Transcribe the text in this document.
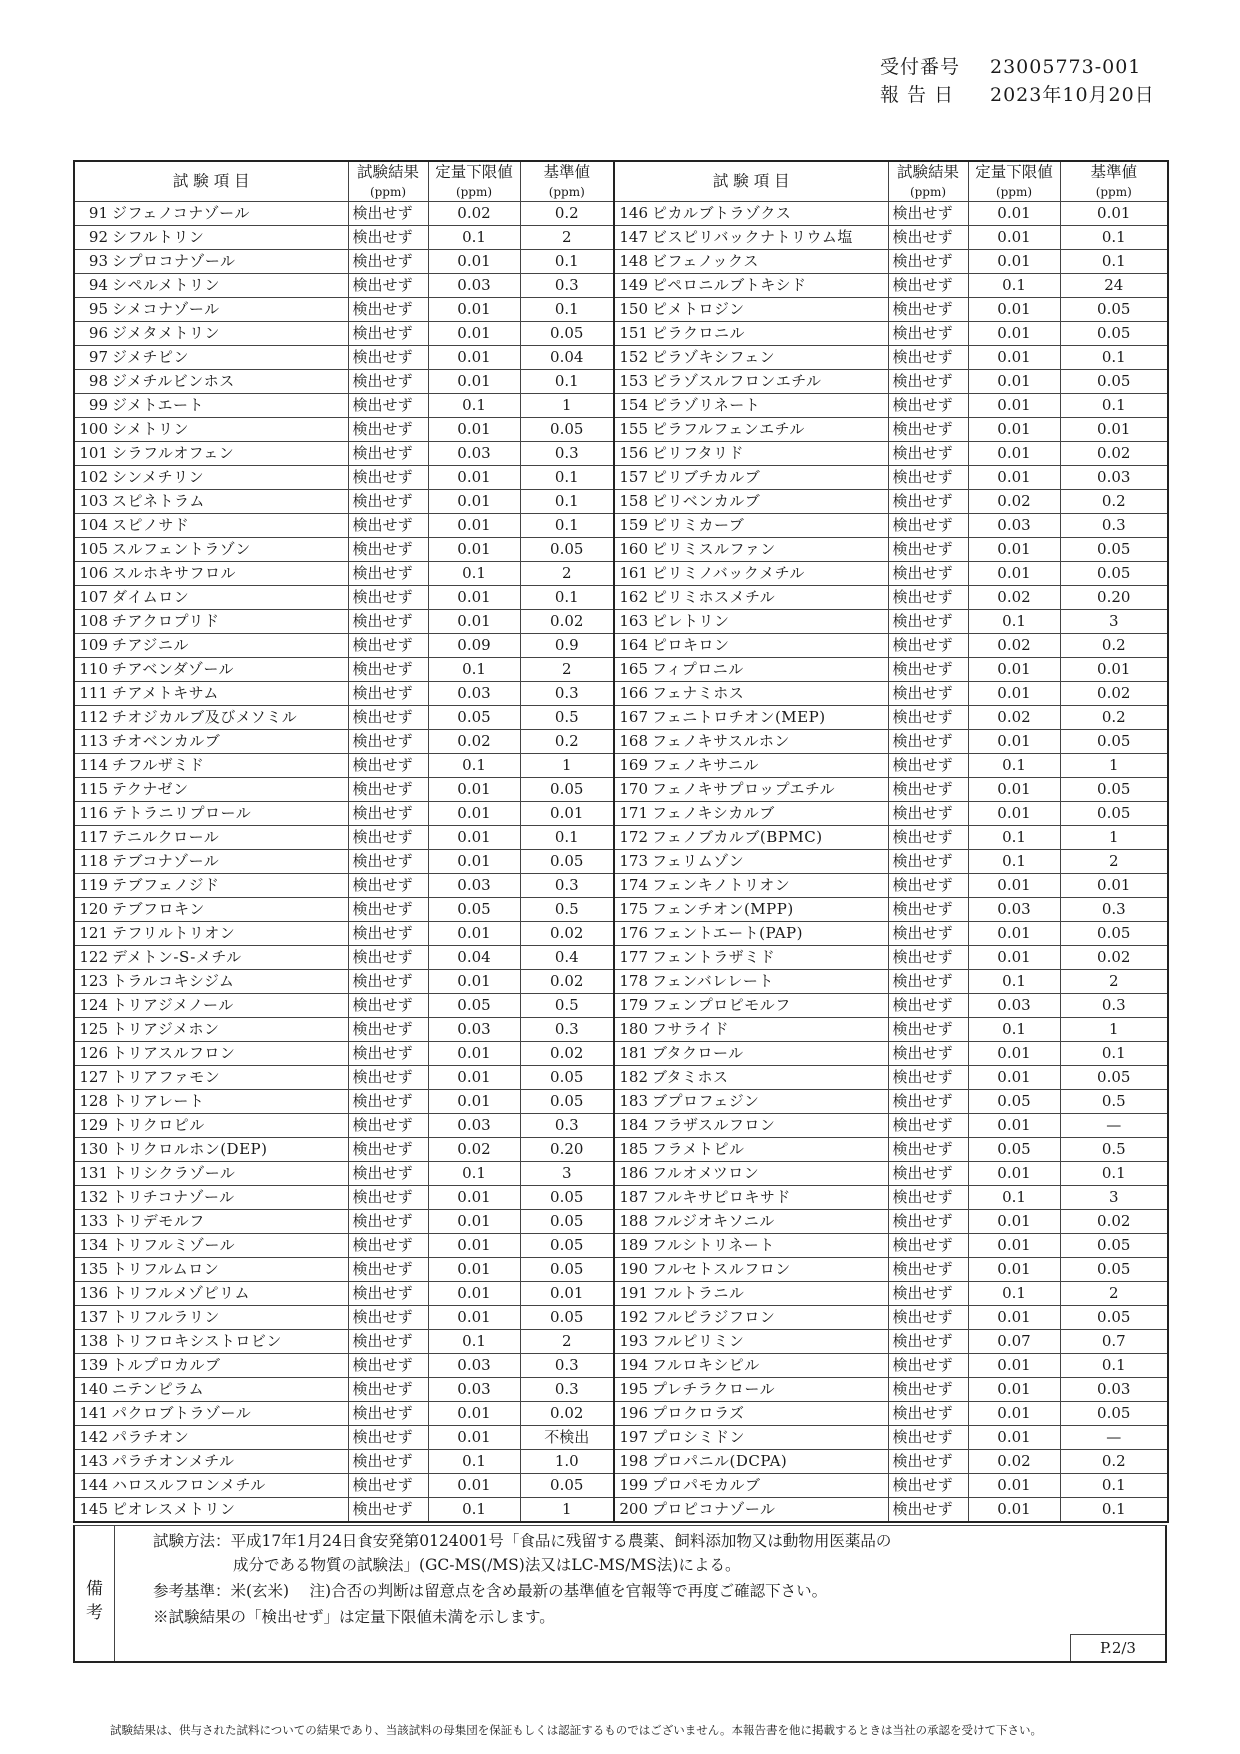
受付番号 23005773-001
報 告 日 2023年10月20日
試 験 項 目	試験結果	定量下限値	基準値	試 験 項 目	試験結果	定量下限値	基準値
	(ppm)	(ppm)	(ppm)		(ppm)	(ppm)	(ppm)
91 ジフェノコナゾール	検出せず	0.02	0.2	146 ピカルブトラゾクス	検出せず	0.01	0.01
92 シフルトリン	検出せず	0.1	2	147 ビスピリバックナトリウム塩	検出せず	0.01	0.1
93 シプロコナゾール	検出せず	0.01	0.1	148 ビフェノックス	検出せず	0.01	0.1
94 シペルメトリン	検出せず	0.03	0.3	149 ピペロニルブトキシド	検出せず	0.1	24
95 シメコナゾール	検出せず	0.01	0.1	150 ピメトロジン	検出せず	0.01	0.05
96 ジメタメトリン	検出せず	0.01	0.05	151 ピラクロニル	検出せず	0.01	0.05
97 ジメチピン	検出せず	0.01	0.04	152 ピラゾキシフェン	検出せず	0.01	0.1
98 ジメチルビンホス	検出せず	0.01	0.1	153 ピラゾスルフロンエチル	検出せず	0.01	0.05
99 ジメトエート	検出せず	0.1	1	154 ピラゾリネート	検出せず	0.01	0.1
100 シメトリン	検出せず	0.01	0.05	155 ピラフルフェンエチル	検出せず	0.01	0.01
101 シラフルオフェン	検出せず	0.03	0.3	156 ピリフタリド	検出せず	0.01	0.02
102 シンメチリン	検出せず	0.01	0.1	157 ピリブチカルブ	検出せず	0.01	0.03
103 スピネトラム	検出せず	0.01	0.1	158 ピリベンカルブ	検出せず	0.02	0.2
104 スピノサド	検出せず	0.01	0.1	159 ピリミカーブ	検出せず	0.03	0.3
105 スルフェントラゾン	検出せず	0.01	0.05	160 ピリミスルファン	検出せず	0.01	0.05
106 スルホキサフロル	検出せず	0.1	2	161 ピリミノバックメチル	検出せず	0.01	0.05
107 ダイムロン	検出せず	0.01	0.1	162 ピリミホスメチル	検出せず	0.02	0.20
108 チアクロプリド	検出せず	0.01	0.02	163 ピレトリン	検出せず	0.1	3
109 チアジニル	検出せず	0.09	0.9	164 ピロキロン	検出せず	0.02	0.2
110 チアベンダゾール	検出せず	0.1	2	165 フィプロニル	検出せず	0.01	0.01
111 チアメトキサム	検出せず	0.03	0.3	166 フェナミホス	検出せず	0.01	0.02
112 チオジカルブ及びメソミル	検出せず	0.05	0.5	167 フェニトロチオン(MEP)	検出せず	0.02	0.2
113 チオベンカルブ	検出せず	0.02	0.2	168 フェノキサスルホン	検出せず	0.01	0.05
114 チフルザミド	検出せず	0.1	1	169 フェノキサニル	検出せず	0.1	1
115 テクナゼン	検出せず	0.01	0.05	170 フェノキサプロップエチル	検出せず	0.01	0.05
116 テトラニリプロール	検出せず	0.01	0.01	171 フェノキシカルブ	検出せず	0.01	0.05
117 テニルクロール	検出せず	0.01	0.1	172 フェノブカルブ(BPMC)	検出せず	0.1	1
118 テブコナゾール	検出せず	0.01	0.05	173 フェリムゾン	検出せず	0.1	2
119 テブフェノジド	検出せず	0.03	0.3	174 フェンキノトリオン	検出せず	0.01	0.01
120 テブフロキン	検出せず	0.05	0.5	175 フェンチオン(MPP)	検出せず	0.03	0.3
121 テフリルトリオン	検出せず	0.01	0.02	176 フェントエート(PAP)	検出せず	0.01	0.05
122 デメトン-S-メチル	検出せず	0.04	0.4	177 フェントラザミド	検出せず	0.01	0.02
123 トラルコキシジム	検出せず	0.01	0.02	178 フェンバレレート	検出せず	0.1	2
124 トリアジメノール	検出せず	0.05	0.5	179 フェンプロピモルフ	検出せず	0.03	0.3
125 トリアジメホン	検出せず	0.03	0.3	180 フサライド	検出せず	0.1	1
126 トリアスルフロン	検出せず	0.01	0.02	181 ブタクロール	検出せず	0.01	0.1
127 トリアファモン	検出せず	0.01	0.05	182 ブタミホス	検出せず	0.01	0.05
128 トリアレート	検出せず	0.01	0.05	183 ブプロフェジン	検出せず	0.05	0.5
129 トリクロピル	検出せず	0.03	0.3	184 フラザスルフロン	検出せず	0.01	—
130 トリクロルホン(DEP)	検出せず	0.02	0.20	185 フラメトピル	検出せず	0.05	0.5
131 トリシクラゾール	検出せず	0.1	3	186 フルオメツロン	検出せず	0.01	0.1
132 トリチコナゾール	検出せず	0.01	0.05	187 フルキサピロキサド	検出せず	0.1	3
133 トリデモルフ	検出せず	0.01	0.05	188 フルジオキソニル	検出せず	0.01	0.02
134 トリフルミゾール	検出せず	0.01	0.05	189 フルシトリネート	検出せず	0.01	0.05
135 トリフルムロン	検出せず	0.01	0.05	190 フルセトスルフロン	検出せず	0.01	0.05
136 トリフルメゾピリム	検出せず	0.01	0.01	191 フルトラニル	検出せず	0.1	2
137 トリフルラリン	検出せず	0.01	0.05	192 フルピラジフロン	検出せず	0.01	0.05
138 トリフロキシストロビン	検出せず	0.1	2	193 フルピリミン	検出せず	0.07	0.7
139 トルプロカルブ	検出せず	0.03	0.3	194 フルロキシピル	検出せず	0.01	0.1
140 ニテンピラム	検出せず	0.03	0.3	195 プレチラクロール	検出せず	0.01	0.03
141 パクロブトラゾール	検出せず	0.01	0.02	196 プロクロラズ	検出せず	0.01	0.05
142 パラチオン	検出せず	0.01	不検出	197 プロシミドン	検出せず	0.01	—
143 パラチオンメチル	検出せず	0.1	1.0	198 プロパニル(DCPA)	検出せず	0.02	0.2
144 ハロスルフロンメチル	検出せず	0.01	0.05	199 プロパモカルブ	検出せず	0.01	0.1
145 ピオレスメトリン	検出せず	0.1	1	200 プロピコナゾール	検出せず	0.01	0.1
備
考
試験方法：平成17年1月24日食安発第0124001号「食品に残留する農薬、飼料添加物又は動物用医薬品の
成分である物質の試験法」(GC-MS(/MS)法又はLC-MS/MS法)による。
参考基準：米(玄米)　 注)合否の判断は留意点を含め最新の基準値を官報等で再度ご確認下さい。
※試験結果の「検出せず」は定量下限値未満を示します。
P.2/3
試験結果は、供与された試料についての結果であり、当該試料の母集団を保証もしくは認証するものではございません。本報告書を他に掲載するときは当社の承認を受けて下さい。
